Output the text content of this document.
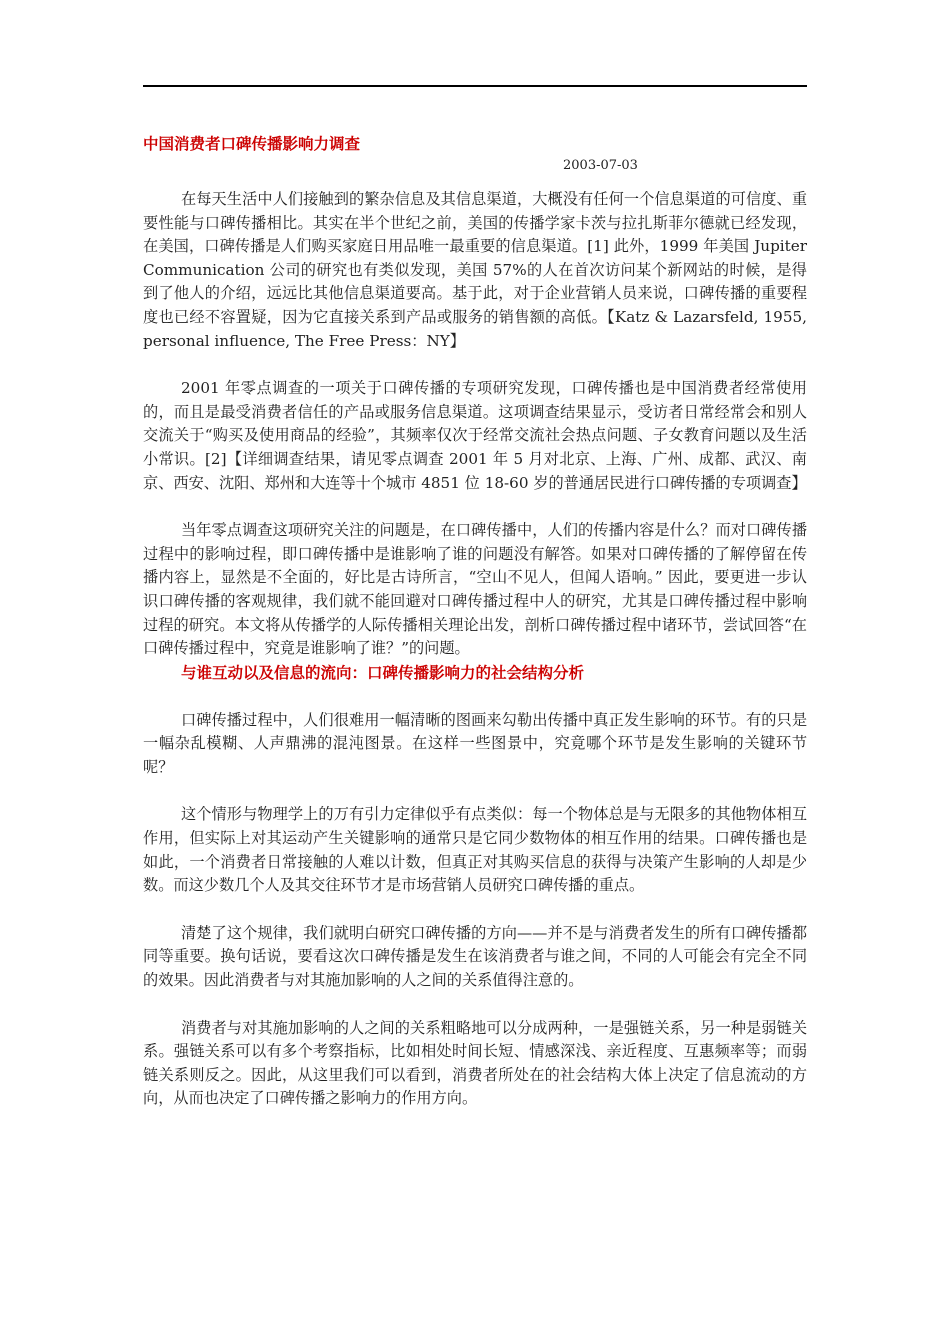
中国消费者口碑传播影响力调查
2003-07-03

在每天生活中人们接触到的繁杂信息及其信息渠道，大概没有任何一个信息渠道的可信度、重要性能与口碑传播相比。其实在半个世纪之前，美国的传播学家卡茨与拉扎斯菲尔德就已经发现，在美国，口碑传播是人们购买家庭日用品唯一最重要的信息渠道。[1] 此外，1999 年美国 Jupiter Communication 公司的研究也有类似发现，美国 57%的人在首次访问某个新网站的时候，是得到了他人的介绍，远远比其他信息渠道要高。基于此，对于企业营销人员来说，口碑传播的重要程度也已经不容置疑，因为它直接关系到产品或服务的销售额的高低。【Katz & Lazarsfeld, 1955, personal influence, The Free Press：NY】

2001 年零点调查的一项关于口碑传播的专项研究发现，口碑传播也是中国消费者经常使用的，而且是最受消费者信任的产品或服务信息渠道。这项调查结果显示，受访者日常经常会和别人交流关于“购买及使用商品的经验”，其频率仅次于经常交流社会热点问题、子女教育问题以及生活小常识。[2]【详细调查结果，请见零点调查 2001 年 5 月对北京、上海、广州、成都、武汉、南京、西安、沈阳、郑州和大连等十个城市 4851 位 18-60 岁的普通居民进行口碑传播的专项调查】

当年零点调查这项研究关注的问题是，在口碑传播中，人们的传播内容是什么？而对口碑传播过程中的影响过程，即口碑传播中是谁影响了谁的问题没有解答。如果对口碑传播的了解停留在传播内容上，显然是不全面的，好比是古诗所言，“空山不见人，但闻人语响。” 因此，要更进一步认识口碑传播的客观规律，我们就不能回避对口碑传播过程中人的研究，尤其是口碑传播过程中影响过程的研究。本文将从传播学的人际传播相关理论出发，剖析口碑传播过程中诸环节，尝试回答“在口碑传播过程中，究竟是谁影响了谁？”的问题。

与谁互动以及信息的流向：口碑传播影响力的社会结构分析

口碑传播过程中，人们很难用一幅清晰的图画来勾勒出传播中真正发生影响的环节。有的只是一幅杂乱模糊、人声鼎沸的混沌图景。在这样一些图景中，究竟哪个环节是发生影响的关键环节呢？

这个情形与物理学上的万有引力定律似乎有点类似：每一个物体总是与无限多的其他物体相互作用，但实际上对其运动产生关键影响的通常只是它同少数物体的相互作用的结果。口碑传播也是如此，一个消费者日常接触的人难以计数，但真正对其购买信息的获得与决策产生影响的人却是少数。而这少数几个人及其交往环节才是市场营销人员研究口碑传播的重点。

清楚了这个规律，我们就明白研究口碑传播的方向——并不是与消费者发生的所有口碑传播都同等重要。换句话说，要看这次口碑传播是发生在该消费者与谁之间，不同的人可能会有完全不同的效果。因此消费者与对其施加影响的人之间的关系值得注意的。

消费者与对其施加影响的人之间的关系粗略地可以分成两种，一是强链关系，另一种是弱链关系。强链关系可以有多个考察指标，比如相处时间长短、情感深浅、亲近程度、互惠频率等；而弱链关系则反之。因此，从这里我们可以看到，消费者所处在的社会结构大体上决定了信息流动的方向，从而也决定了口碑传播之影响力的作用方向。
